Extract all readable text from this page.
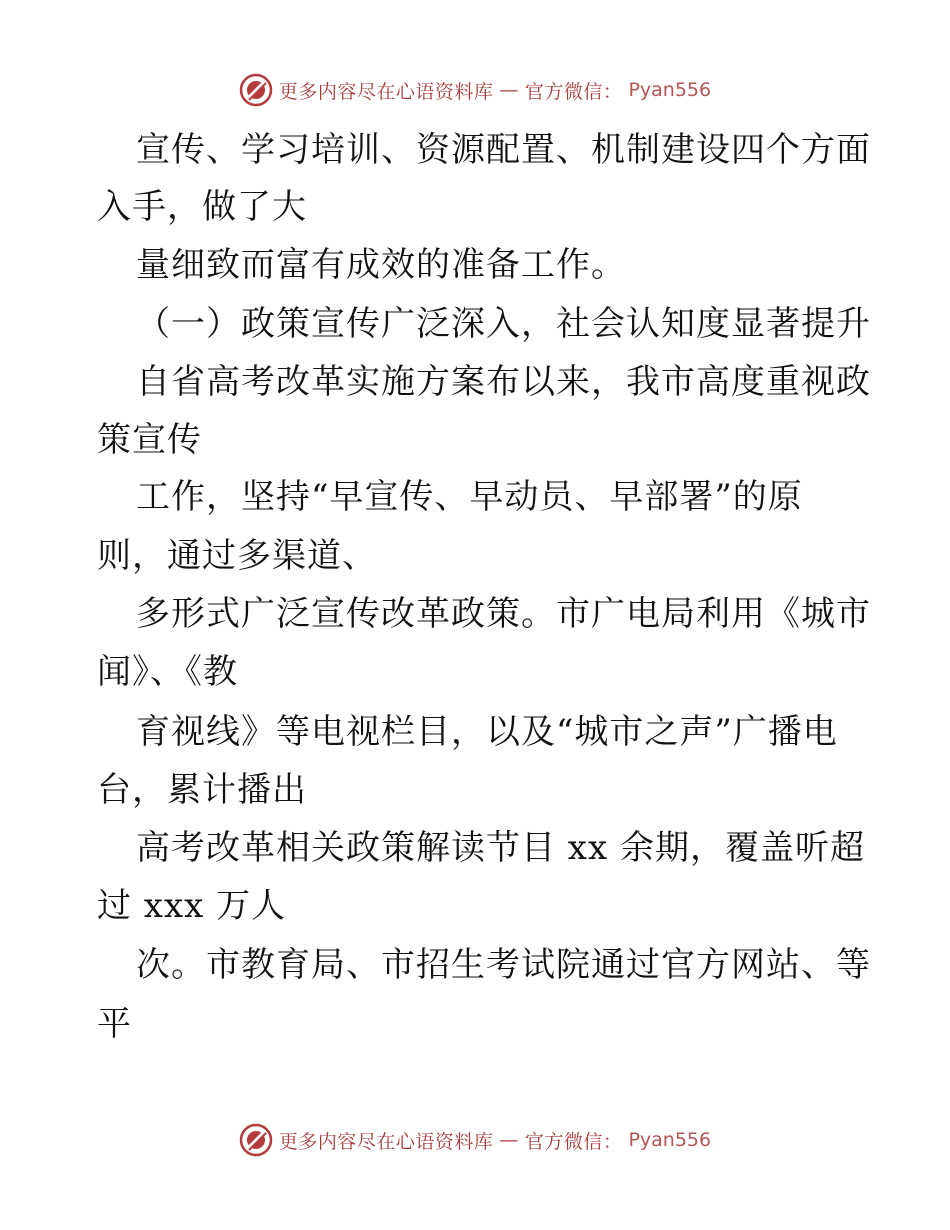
更多内容尽在心语资料库 — 官方微信： Pyan556
宣传、学习培训、资源配置、机制建设四个方面
入手，做了大
量细致而富有成效的准备工作。
（一）政策宣传广泛深入，社会认知度显著提升
自省高考改革实施方案布以来，我市高度重视政
策宣传
工作，坚持“早宣传、早动员、早部署”的原
则，通过多渠道、
多形式广泛宣传改革政策。市广电局利用《城市
闻》、《教
育视线》等电视栏目，以及“城市之声”广播电
台，累计播出
高考改革相关政策解读节目 xx 余期，覆盖听超
过 xxx 万人
次。市教育局、市招生考试院通过官方网站、等
平
更多内容尽在心语资料库 — 官方微信： Pyan556
